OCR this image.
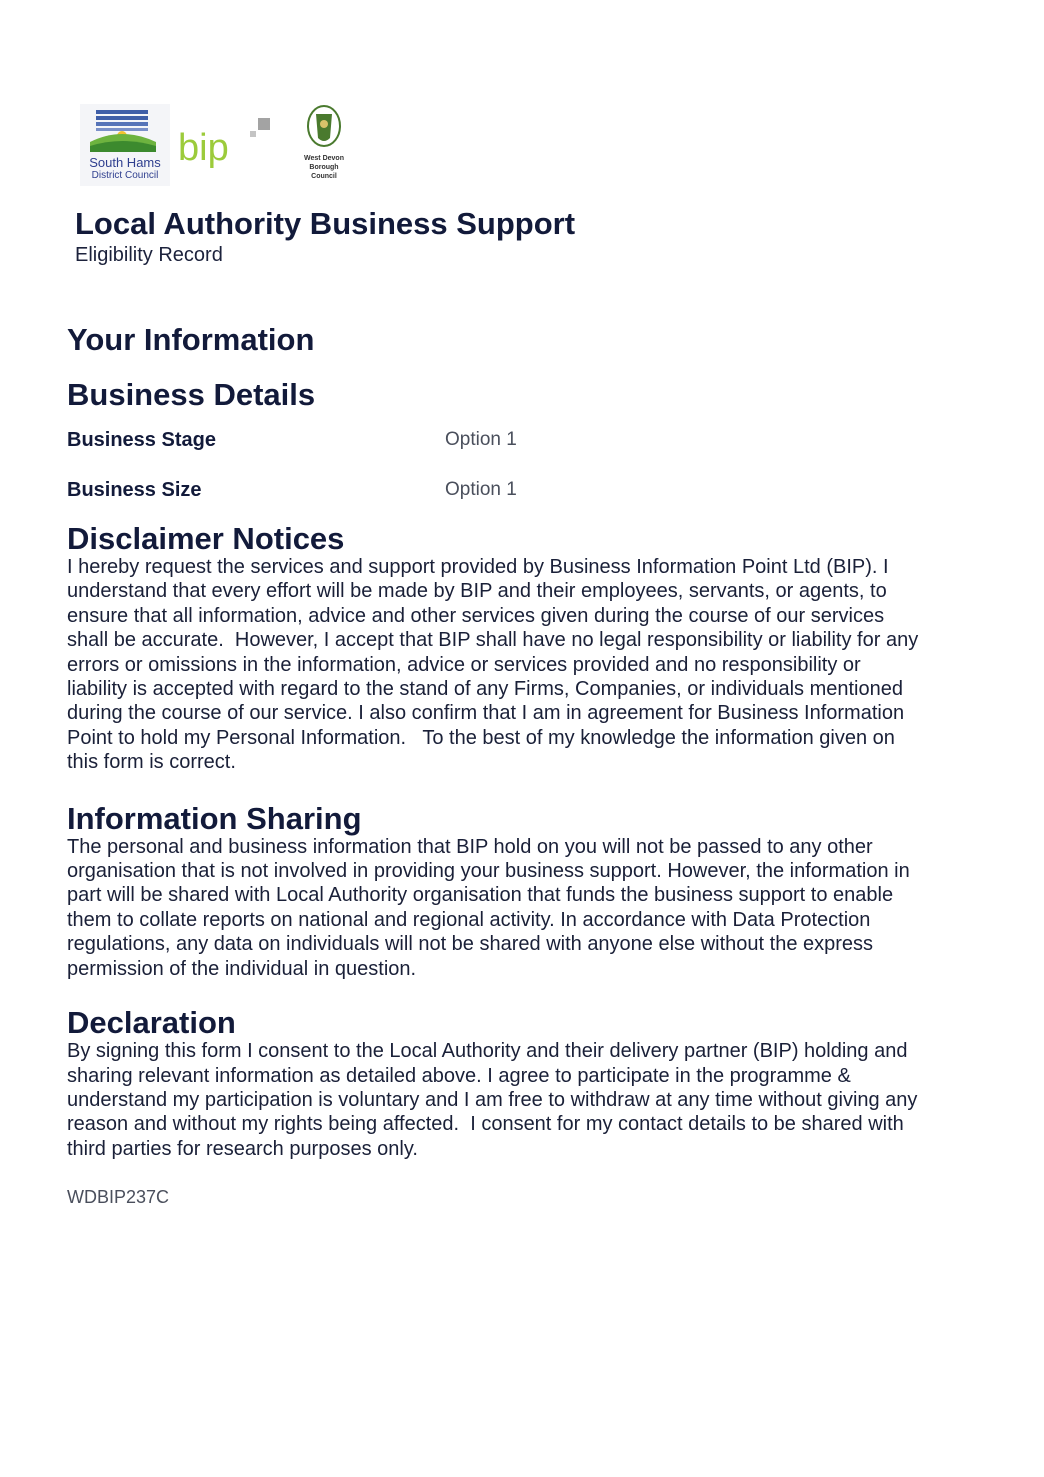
South Hams
District Council
bip	West Devon
Borough
Council
Local Authority Business Support

Eligibility Record

Your Information
Business Details
Business Stage	Option 1
Business Size	Option 1
Disclaimer Notices

I hereby request the services and support provided by Business Information Point Ltd (BIP). I

understand that every effort will be made by BIP and their employees, servants, or agents, to

ensure that all information, advice and other services given during the course of our services

shall be accurate.  However, I accept that BIP shall have no legal responsibility or liability for any

errors or omissions in the information, advice or services provided and no responsibility or

liability is accepted with regard to the stand of any Firms, Companies, or individuals mentioned

during the course of our service. I also confirm that I am in agreement for Business Information

Point to hold my Personal Information.   To the best of my knowledge the information given on

this form is correct.

Information Sharing

The personal and business information that BIP hold on you will not be passed to any other

organisation that is not involved in providing your business support. However, the information in

part will be shared with Local Authority organisation that funds the business support to enable

them to collate reports on national and regional activity. In accordance with Data Protection

regulations, any data on individuals will not be shared with anyone else without the express

permission of the individual in question.

Declaration

By signing this form I consent to the Local Authority and their delivery partner (BIP) holding and

sharing relevant information as detailed above. I agree to participate in the programme &

understand my participation is voluntary and I am free to withdraw at any time without giving any

reason and without my rights being affected.  I consent for my contact details to be shared with

third parties for research purposes only.

WDBIP237C
